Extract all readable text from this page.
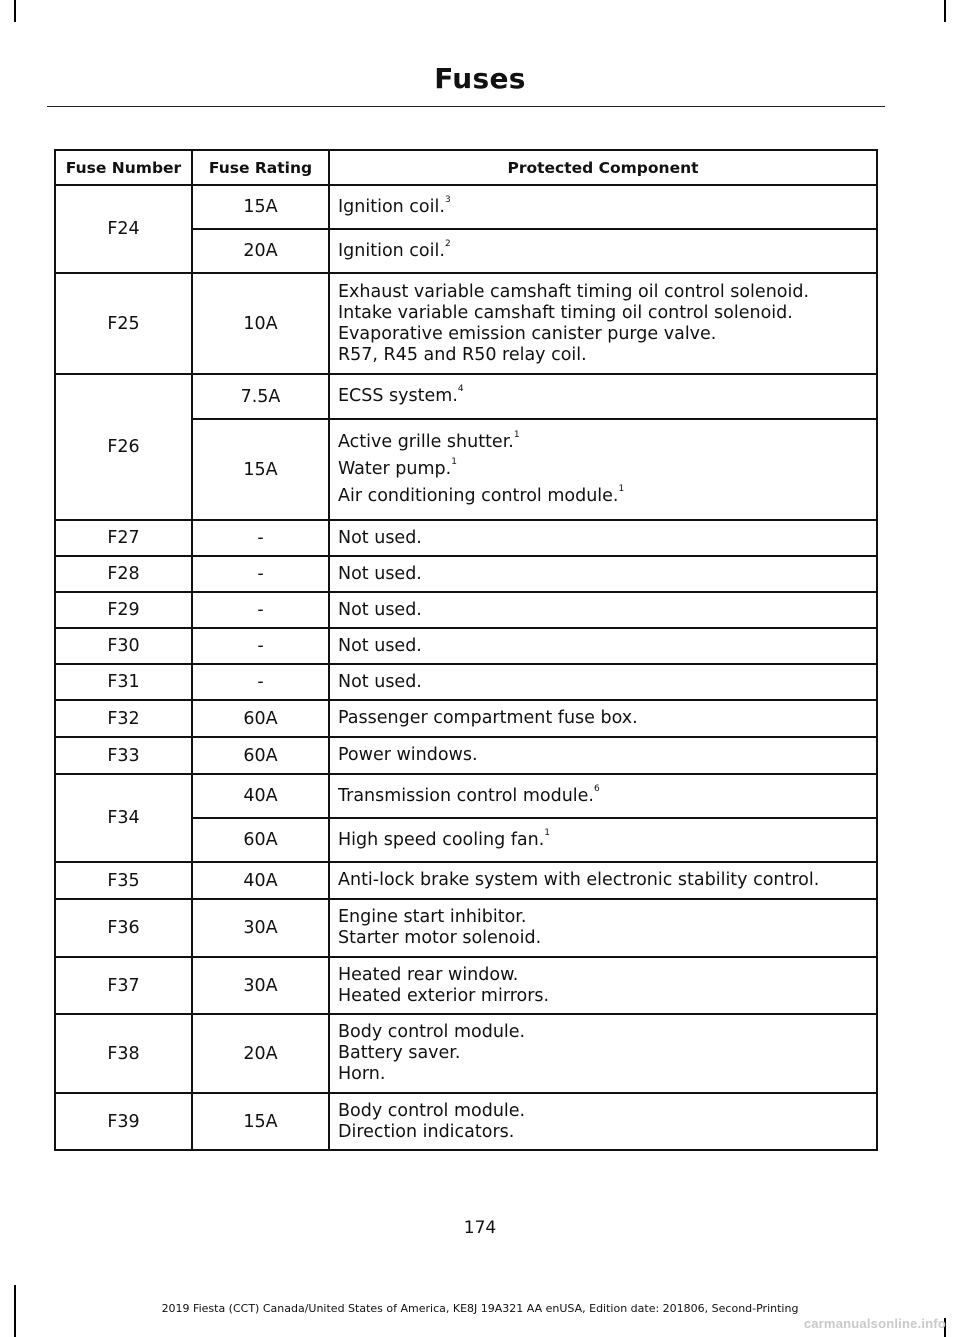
Fuses
Fuse Number	Fuse Rating	Protected Component
F24	15A	Ignition coil.$^3$

	20A	Ignition coil.$^2$

F25	10A	Exhaust variable camshaft timing oil control solenoid.
Intake variable camshaft timing oil control solenoid.
Evaporative emission canister purge valve.
R57, R45 and R50 relay coil.

F26	7.5A	ECSS system.$^4$

	15A	Active grille shutter.$^1$
Water pump.$^1$
Air conditioning control module.$^1$

F27	-	Not used.

F28	-	Not used.

F29	-	Not used.

F30	-	Not used.

F31	-	Not used.

F32	60A	Passenger compartment fuse box.

F33	60A	Power windows.

F34	40A	Transmission control module.$^6$

	60A	High speed cooling fan.$^1$

F35	40A	Anti-lock brake system with electronic stability control.

F36	30A	Engine start inhibitor.
Starter motor solenoid.

F37	30A	Heated rear window.
Heated exterior mirrors.

F38	20A	Body control module.
Battery saver.
Horn.

F39	15A	Body control module.
Direction indicators.
174
2019 Fiesta (CCT) Canada/United States of America, KE8J 19A321 AA enUSA, Edition date: 201806, Second-Printing
carmanualsonline.info
